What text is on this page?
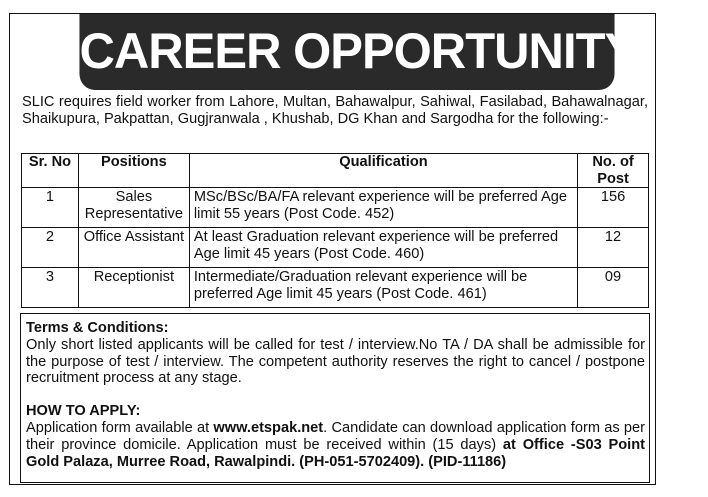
CAREER OPPORTUNITY
SLIC requires field worker from Lahore, Multan, Bahawalpur, Sahiwal, Fasilabad, Bahawalnagar, Shaikupura, Pakpattan, Gugjranwala , Khushab, DG Khan and Sargodha for the following:-
Sr. No	Positions	Qualification	No. of Post
1	Sales Representative	MSc/BSc/BA/FA relevant experience will be preferred Age limit 55 years (Post Code. 452)	156
2	Office Assistant	At least Graduation relevant experience will be preferred Age limit 45 years (Post Code. 460)	12
3	Receptionist	Intermediate/Graduation relevant experience will be preferred Age limit 45 years (Post Code. 461)	09
Terms & Conditions:
Only short listed applicants will be called for test / interview.No TA / DA shall be admissible for the purpose of test / interview. The competent authority reserves the right to cancel / postpone recruitment process at any stage.
HOW TO APPLY:
Application form available at www.etspak.net. Candidate can download application form as per their province domicile. Application must be received within (15 days) at Office -S03 Point Gold Palaza, Murree Road, Rawalpindi. (PH-051-5702409). (PID-11186)
